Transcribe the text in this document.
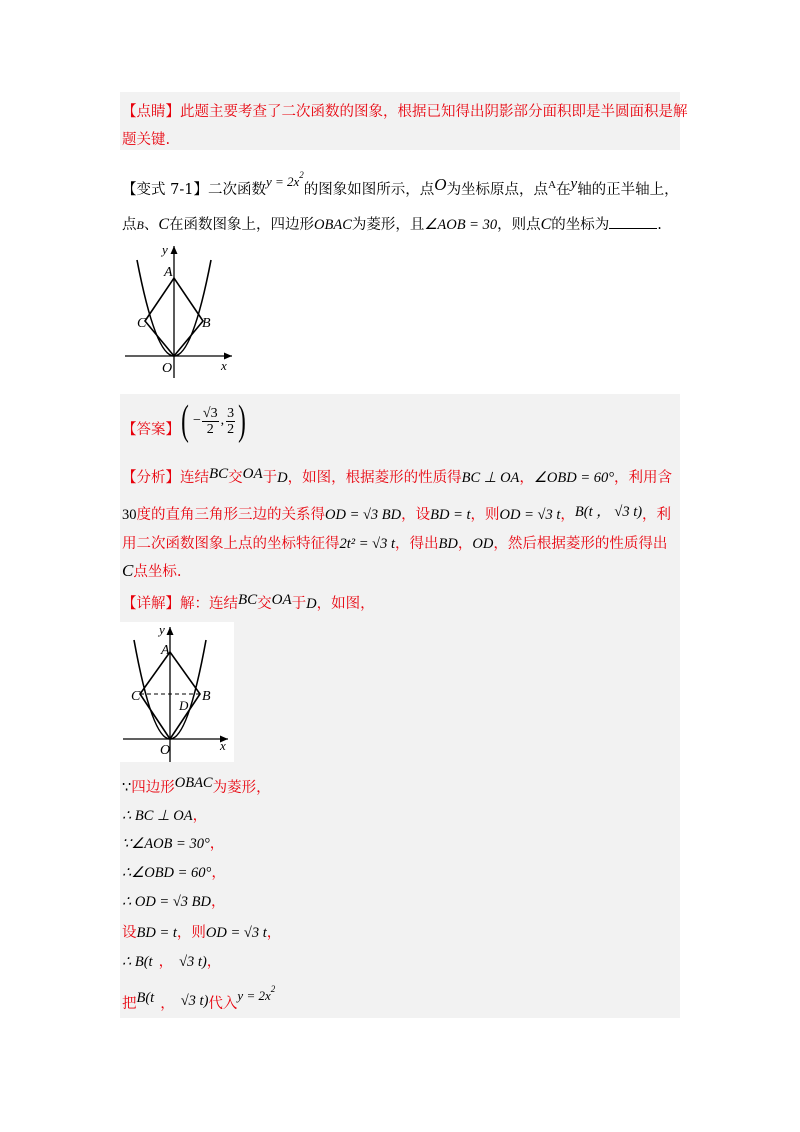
【点睛】此题主要考查了二次函数的图象，根据已知得出阴影部分面积即是半圆面积是解
题关键.
【变式 7-1】二次函数$y = 2x^2$的图象如图所示，点O为坐标原点，点$^A$在y轴的正半轴上，
点B、C在函数图象上，四边形OBAC为菱形，且∠AOB = 30，则点C的坐标为	.
y
A
C	B
O	x
【答案】 ( − $\frac{√3}{2}$ , $\frac{3}{2}$ )
【分析】连结BC交OA于D，如图，根据菱形的性质得BC ⊥ OA，∠OBD = 60°，利用含
30度的直角三角形三边的关系得OD = √3 BD，设BD = t，则OD = √3 t，B(t ， √3 t)，利
用二次函数图象上点的坐标特征得2t² = √3 t，得出BD，OD，然后根据菱形的性质得出
C点坐标.
【详解】解：连结BC交OA于D，如图，
y
A
C
D
B
O	x
∵四边形OBAC为菱形，
∴ BC ⊥ OA，
∵∠AOB = 30°，
∴∠OBD = 60°，
∴ OD = √3 BD，
设BD = t，则OD = √3 t，
∴ B(t ， √3 t)，
把B(t ， √3 t)代入$y = 2x^2$
